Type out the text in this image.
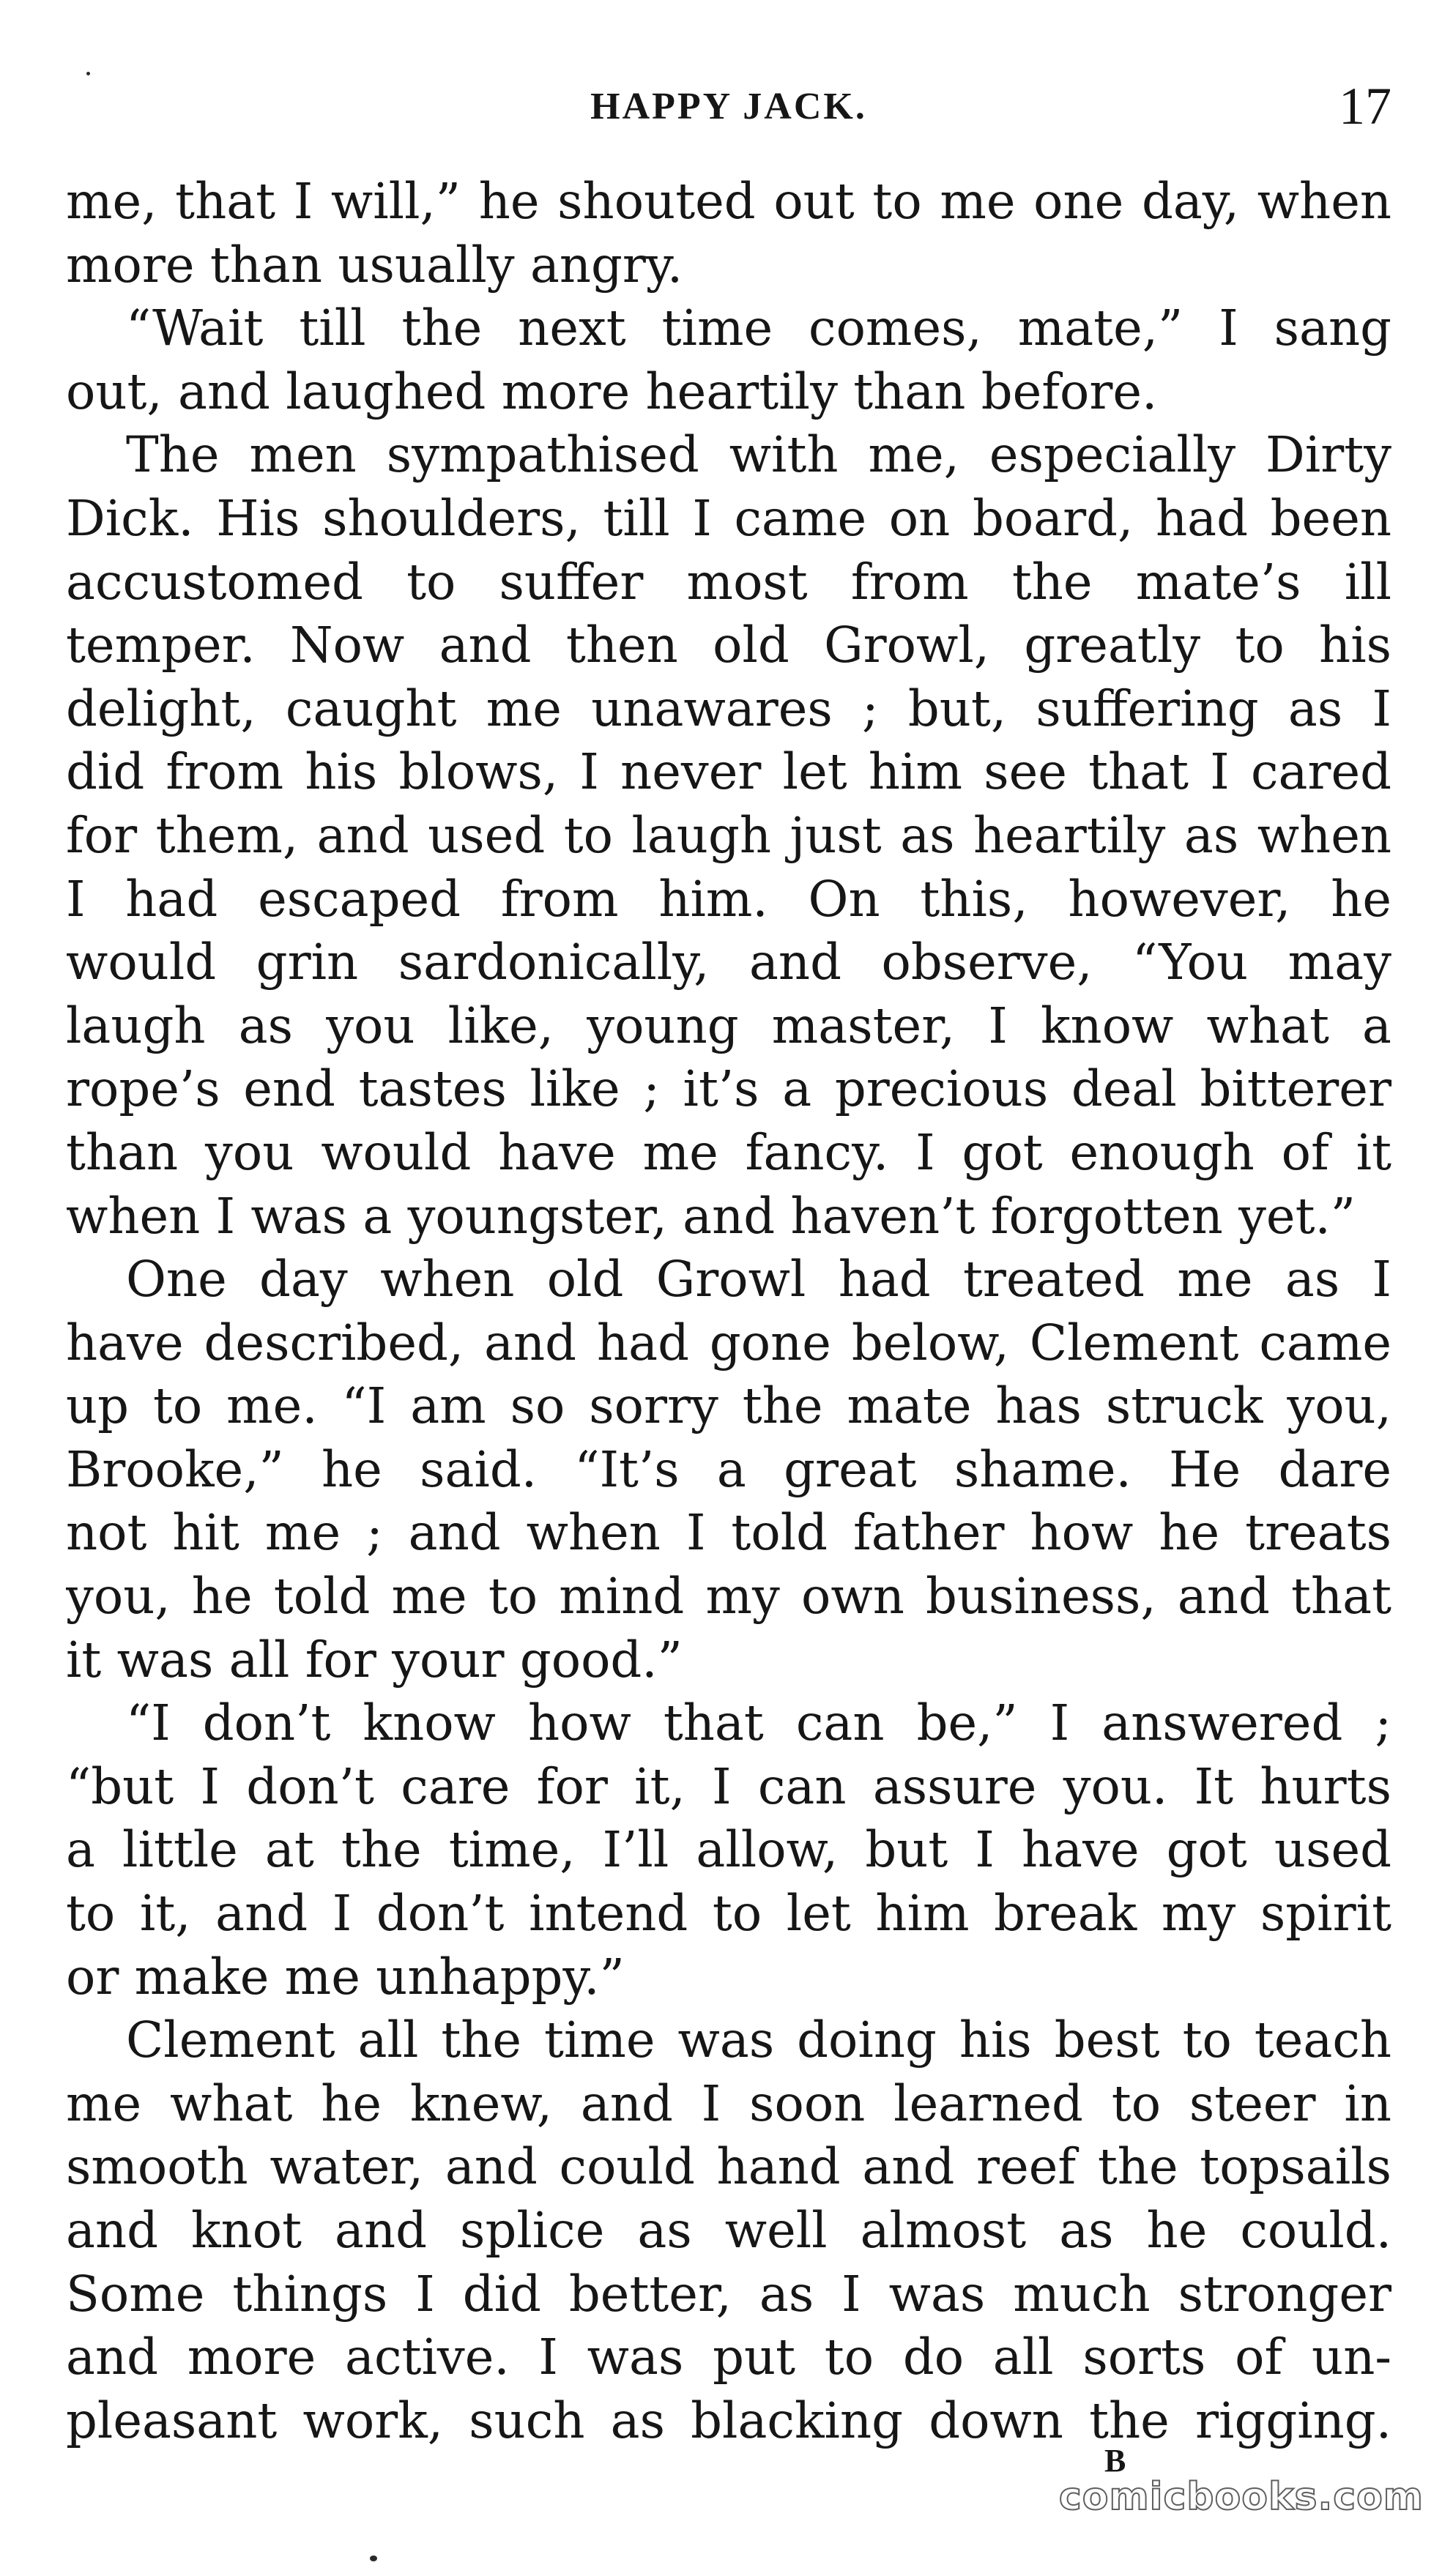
HAPPY JACK.	17
me, that I will,” he shouted out to me one day, when
more than usually angry.
“Wait till the next time comes, mate,” I sang
out, and laughed more heartily than before.
The men sympathised with me, especially Dirty
Dick. His shoulders, till I came on board, had been
accustomed to suffer most from the mate’s ill
temper. Now and then old Growl, greatly to his
delight, caught me unawares ; but, suffering as I
did from his blows, I never let him see that I cared
for them, and used to laugh just as heartily as when
I had escaped from him. On this, however, he
would grin sardonically, and observe, “You may
laugh as you like, young master, I know what a
rope’s end tastes like ; it’s a precious deal bitterer
than you would have me fancy. I got enough of it
when I was a youngster, and haven’t forgotten yet.”
One day when old Growl had treated me as I
have described, and had gone below, Clement came
up to me. “I am so sorry the mate has struck you,
Brooke,” he said. “It’s a great shame. He dare
not hit me ; and when I told father how he treats
you, he told me to mind my own business, and that
it was all for your good.”
“I don’t know how that can be,” I answered ;
“but I don’t care for it, I can assure you. It hurts
a little at the time, I’ll allow, but I have got used
to it, and I don’t intend to let him break my spirit
or make me unhappy.”
Clement all the time was doing his best to teach
me what he knew, and I soon learned to steer in
smooth water, and could hand and reef the topsails
and knot and splice as well almost as he could.
Some things I did better, as I was much stronger
and more active. I was put to do all sorts of un-
pleasant work, such as blacking down the rigging.
B
comicbooks.com
